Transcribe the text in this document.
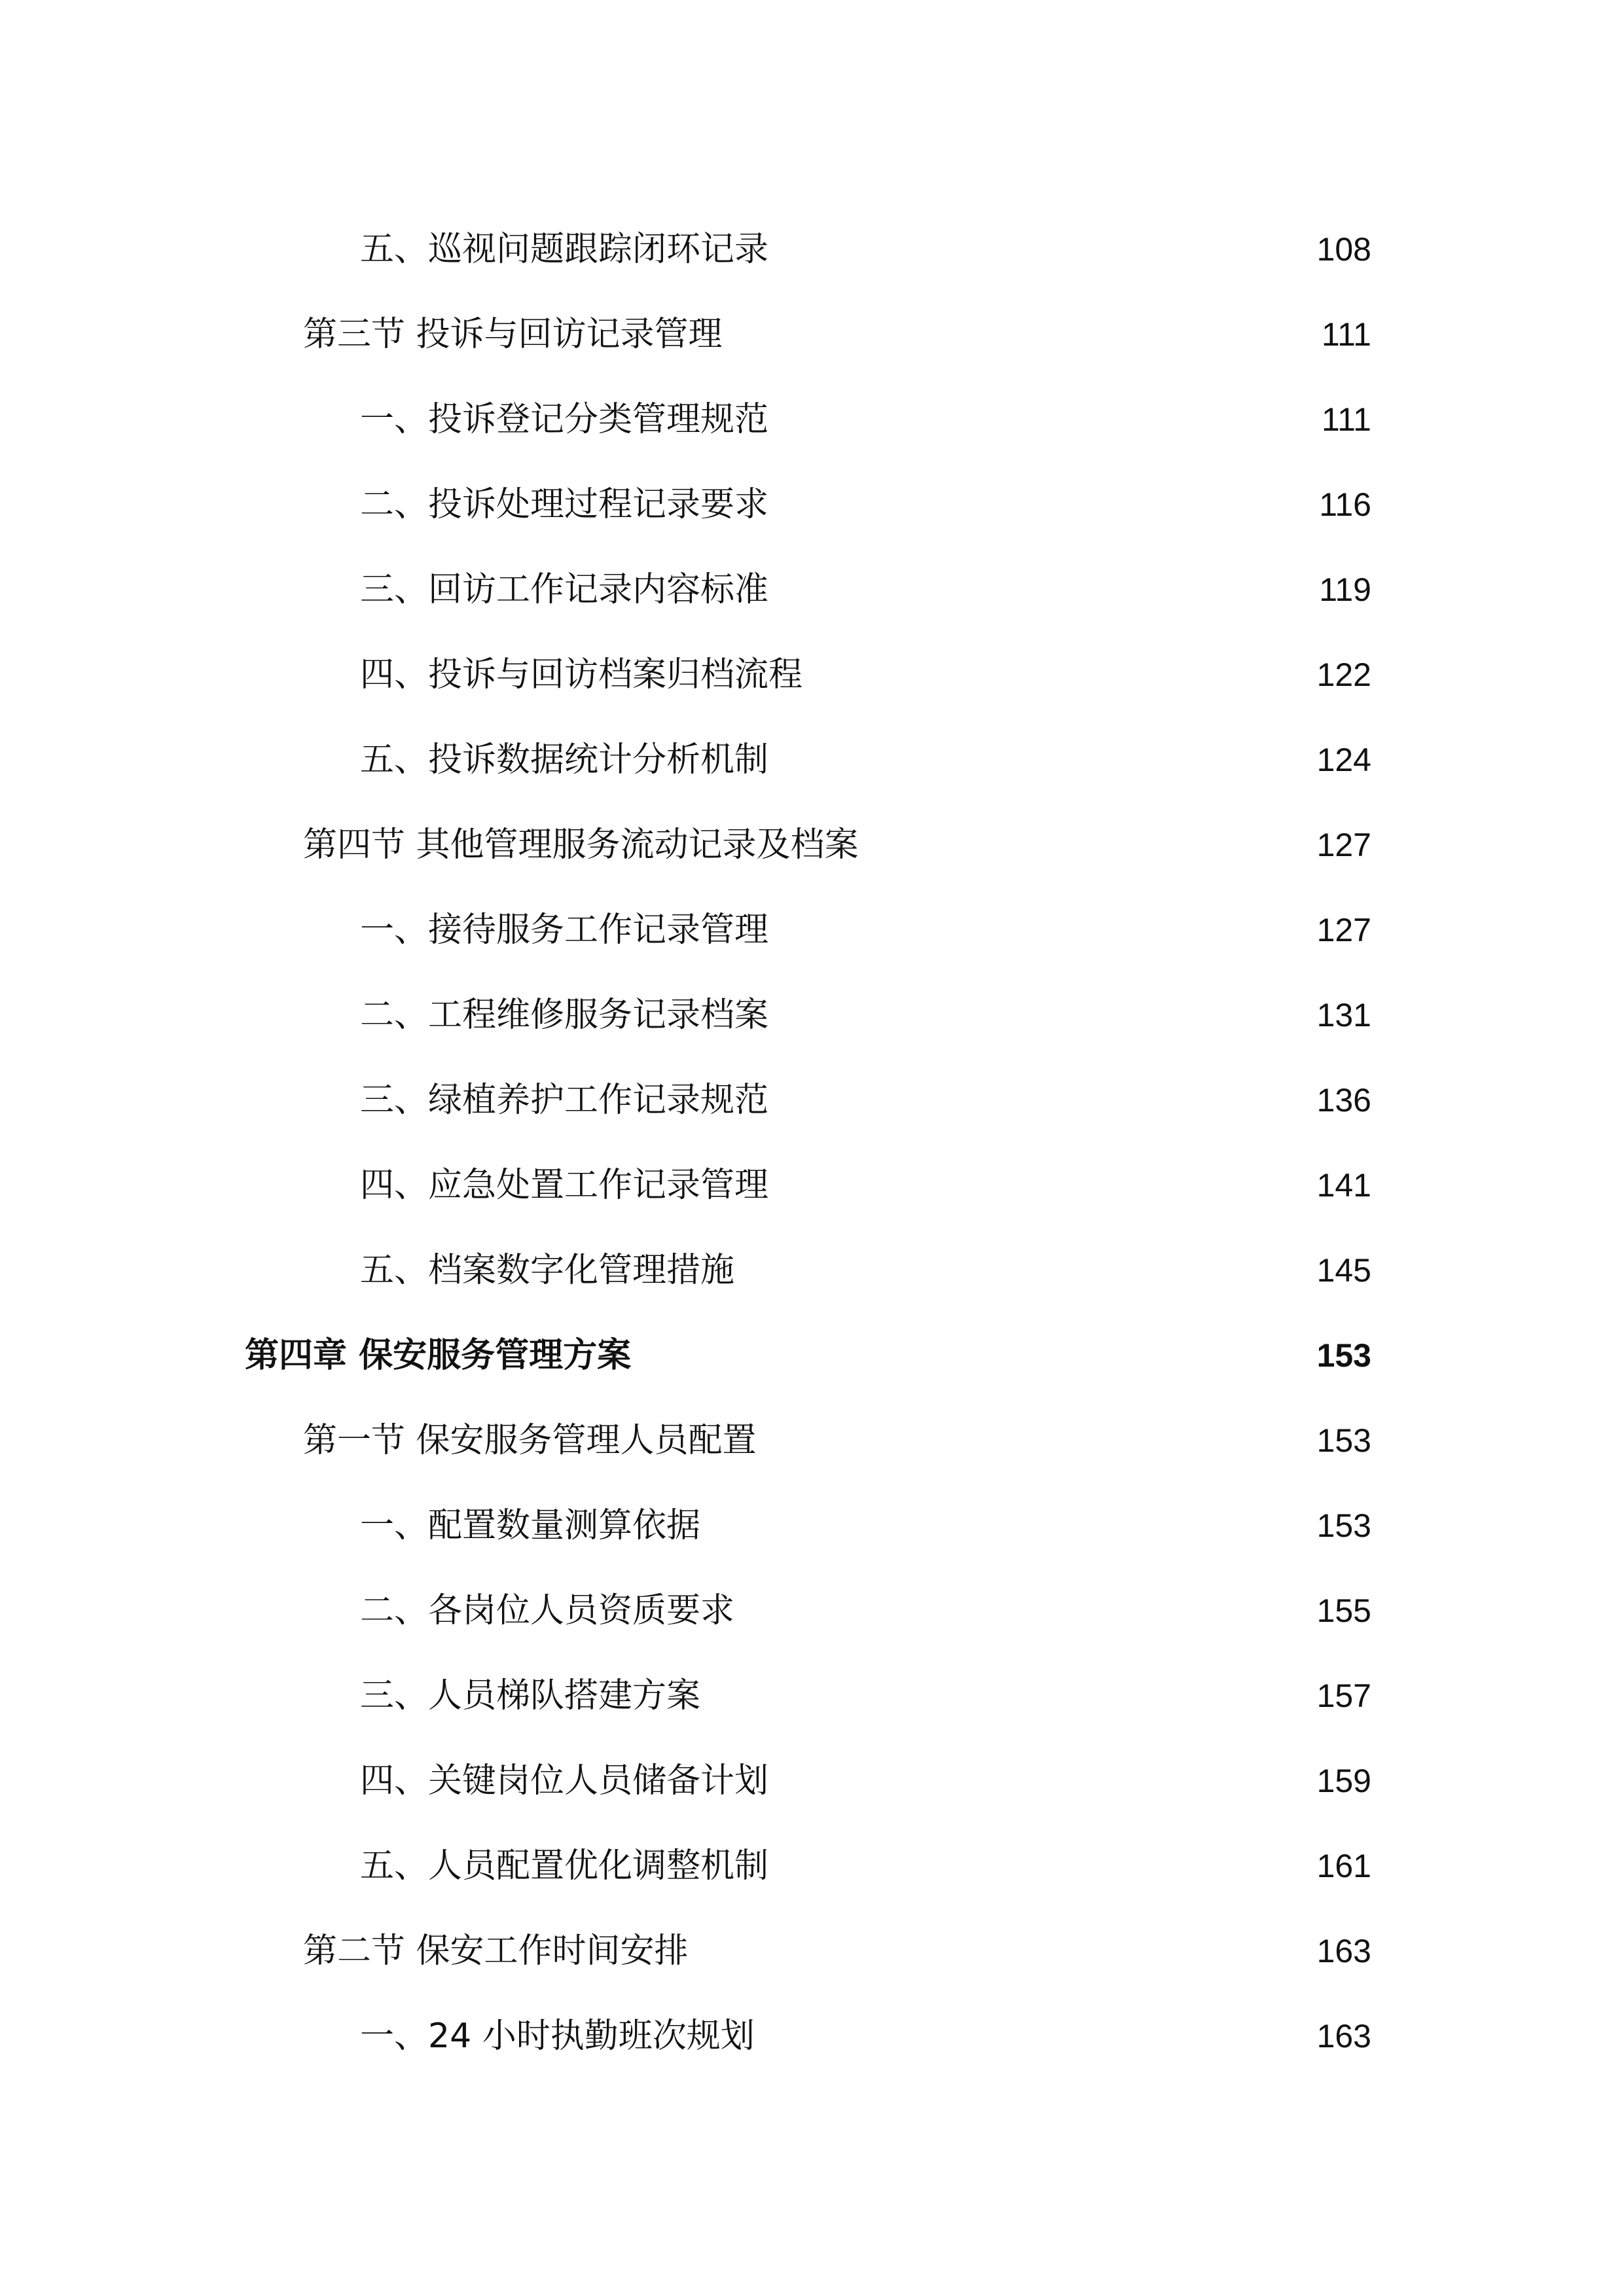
五、巡视问题跟踪闭环记录	108
第三节 投诉与回访记录管理	111
一、投诉登记分类管理规范	111
二、投诉处理过程记录要求	116
三、回访工作记录内容标准	119
四、投诉与回访档案归档流程	122
五、投诉数据统计分析机制	124
第四节 其他管理服务流动记录及档案	127
一、接待服务工作记录管理	127
二、工程维修服务记录档案	131
三、绿植养护工作记录规范	136
四、应急处置工作记录管理	141
五、档案数字化管理措施	145
第四章 保安服务管理方案	153
第一节 保安服务管理人员配置	153
一、配置数量测算依据	153
二、各岗位人员资质要求	155
三、人员梯队搭建方案	157
四、关键岗位人员储备计划	159
五、人员配置优化调整机制	161
第二节 保安工作时间安排	163
一、24 小时执勤班次规划	163
